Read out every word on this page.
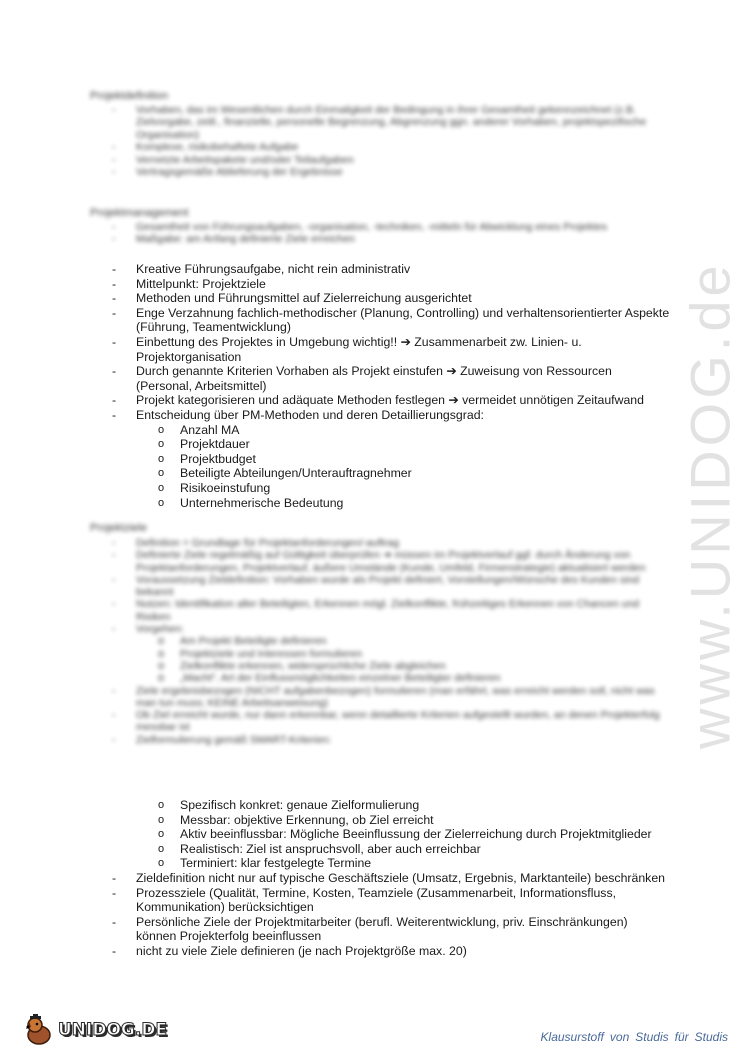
www.UNIDOG.de
Projektdefinition
- Vorhaben, das im Wesentlichen durch Einmaligkeit der Bedingung in ihrer Gesamtheit gekennzeichnet (z.B. Zielvorgabe, zeitl., finanzielle, personelle Begrenzung, Abgrenzung ggn. anderer Vorhaben, projektspezifische Organisation)
- Komplexe, risikobehaftete Aufgabe
- Vernetzte Arbeitspakete und/oder Teilaufgaben
- Vertragsgemäße Ablieferung der Ergebnisse
Projektmanagement
- Gesamtheit von Führungsaufgaben, -organisation, -techniken, -mitteln für Abwicklung eines Projektes
- Maßgabe: am Anfang definierte Ziele erreichen
- Kreative Führungsaufgabe, nicht rein administrativ
- Mittelpunkt: Projektziele
- Methoden und Führungsmittel auf Zielerreichung ausgerichtet
- Enge Verzahnung fachlich-methodischer (Planung, Controlling) und verhaltensorientierter Aspekte (Führung, Teamentwicklung)
- Einbettung des Projektes in Umgebung wichtig!! ➔ Zusammenarbeit zw. Linien- u. Projektorganisation
- Durch genannte Kriterien Vorhaben als Projekt einstufen ➔ Zuweisung von Ressourcen (Personal, Arbeitsmittel)
- Projekt kategorisieren und adäquate Methoden festlegen ➔ vermeidet unnötigen Zeitaufwand
- Entscheidung über PM-Methoden und deren Detaillierungsgrad:
o Anzahl MA
o Projektdauer
o Projektbudget
o Beteiligte Abteilungen/Unterauftragnehmer
o Risikoeinstufung
o Unternehmerische Bedeutung
Projektziele
- Definition = Grundlage für Projektanforderungen/-auftrag
- Definierte Ziele regelmäßig auf Gültigkeit überprüfen ➔ müssen im Projektverlauf ggf. durch Änderung von Projektanforderungen, Projektverlauf, äußere Umstände (Kunde, Umfeld, Firmenstrategie) aktualisiert werden
- Voraussetzung Zieldefinition: Vorhaben wurde als Projekt definiert, Vorstellungen/Wünsche des Kunden sind bekannt
- Nutzen: Identifikation aller Beteiligten, Erkennen mögl. Zielkonflikte, frühzeitiges Erkennen von Chancen und Risiken
- Vorgehen:
o Am Projekt Beteiligte definieren
o Projektziele und Interessen formulieren
o Zielkonflikte erkennen, widersprüchliche Ziele abgleichen
o „Macht“. Art der Einflussmöglichkeiten einzelner Beteiligter definieren
- Ziele ergebnisbezogen (NICHT aufgabenbezogen) formulieren (man erfährt, was erreicht werden soll, nicht was man tun muss; KEINE Arbeitsanweisung)
- Ob Ziel erreicht wurde, nur dann erkennbar, wenn detaillierte Kriterien aufgestellt wurden, an denen Projekterfolg messbar ist
- Zielformulierung gemäß SMART-Kriterien:
o Spezifisch konkret: genaue Zielformulierung
o Messbar: objektive Erkennung, ob Ziel erreicht
o Aktiv beeinflussbar: Mögliche Beeinflussung der Zielerreichung durch Projektmitglieder
o Realistisch: Ziel ist anspruchsvoll, aber auch erreichbar
o Terminiert: klar festgelegte Termine
- Zieldefinition nicht nur auf typische Geschäftsziele (Umsatz, Ergebnis, Marktanteile) beschränken
- Prozessziele (Qualität, Termine, Kosten, Teamziele (Zusammenarbeit, Informationsfluss, Kommunikation) berücksichtigen
- Persönliche Ziele der Projektmitarbeiter (berufl. Weiterentwicklung, priv. Einschränkungen) können Projekterfolg beeinflussen
- nicht zu viele Ziele definieren (je nach Projektgröße max. 20)
UNIDOG.DE	Klausurstoff von Studis für Studis
